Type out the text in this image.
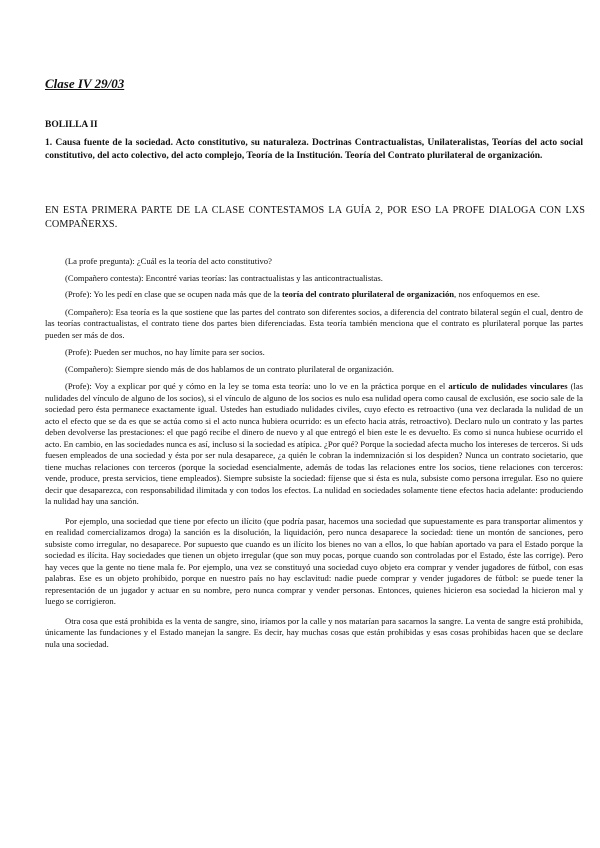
Clase IV 29/03
BOLILLA II
1. Causa fuente de la sociedad. Acto constitutivo, su naturaleza. Doctrinas Contractualistas, Unilateralistas, Teorías del acto social constitutivo, del acto colectivo, del acto complejo, Teoría de la Institución. Teoría del Contrato plurilateral de organización.
EN ESTA PRIMERA PARTE DE LA CLASE CONTESTAMOS LA GUÍA 2, POR ESO LA PROFE DIALOGA CON LXS COMPAÑERXS.

(La profe pregunta): ¿Cuál es la teoría del acto constitutivo?

(Compañero contesta): Encontré varias teorías: las contractualistas y las anticontractualistas.

(Profe): Yo les pedí en clase que se ocupen nada más que de la teoría del contrato plurilateral de organización, nos enfoquemos en ese.

(Compañero): Esa teoría es la que sostiene que las partes del contrato son diferentes socios, a diferencia del contrato bilateral según el cual, dentro de las teorías contractualistas, el contrato tiene dos partes bien diferenciadas. Esta teoría también menciona que el contrato es plurilateral porque las partes pueden ser más de dos.

(Profe): Pueden ser muchos, no hay límite para ser socios.

(Compañero): Siempre siendo más de dos hablamos de un contrato plurilateral de organización.

(Profe): Voy a explicar por qué y cómo en la ley se toma esta teoría: uno lo ve en la práctica porque en el artículo de nulidades vinculares (las nulidades del vínculo de alguno de los socios), si el vínculo de alguno de los socios es nulo esa nulidad opera como causal de exclusión, ese socio sale de la sociedad pero ésta permanece exactamente igual. Ustedes han estudiado nulidades civiles, cuyo efecto es retroactivo (una vez declarada la nulidad de un acto el efecto que se da es que se actúa como si el acto nunca hubiera ocurrido: es un efecto hacia atrás, retroactivo). Declaro nulo un contrato y las partes deben devolverse las prestaciones: el que pagó recibe el dinero de nuevo y al que entregó el bien este le es devuelto. Es como si nunca hubiese ocurrido el acto. En cambio, en las sociedades nunca es así, incluso si la sociedad es atípica. ¿Por qué? Porque la sociedad afecta mucho los intereses de terceros. Si uds fuesen empleados de una sociedad y ésta por ser nula desaparece, ¿a quién le cobran la indemnización si los despiden? Nunca un contrato societario, que tiene muchas relaciones con terceros (porque la sociedad esencialmente, además de todas las relaciones entre los socios, tiene relaciones con terceros: vende, produce, presta servicios, tiene empleados). Siempre subsiste la sociedad: fíjense que si ésta es nula, subsiste como persona irregular. Eso no quiere decir que desaparezca, con responsabilidad ilimitada y con todos los efectos. La nulidad en sociedades solamente tiene efectos hacia adelante: produciendo la nulidad hay una sanción.

Por ejemplo, una sociedad que tiene por efecto un ilícito (que podría pasar, hacemos una sociedad que supuestamente es para transportar alimentos y en realidad comercializamos droga) la sanción es la disolución, la liquidación, pero nunca desaparece la sociedad: tiene un montón de sanciones, pero subsiste como irregular, no desaparece. Por supuesto que cuando es un ilícito los bienes no van a ellos, lo que habían aportado va para el Estado porque la sociedad es ilícita. Hay sociedades que tienen un objeto irregular (que son muy pocas, porque cuando son controladas por el Estado, éste las corrige). Pero hay veces que la gente no tiene mala fe. Por ejemplo, una vez se constituyó una sociedad cuyo objeto era comprar y vender jugadores de fútbol, con esas palabras. Ese es un objeto prohibido, porque en nuestro país no hay esclavitud: nadie puede comprar y vender jugadores de fútbol: se puede tener la representación de un jugador y actuar en su nombre, pero nunca comprar y vender personas. Entonces, quienes hicieron esa sociedad la hicieron mal y luego se corrigieron.

Otra cosa que está prohibida es la venta de sangre, sino, iríamos por la calle y nos matarían para sacarnos la sangre. La venta de sangre está prohibida, únicamente las fundaciones y el Estado manejan la sangre. Es decir, hay muchas cosas que están prohibidas y esas cosas prohibidas hacen que se declare nula una sociedad.
